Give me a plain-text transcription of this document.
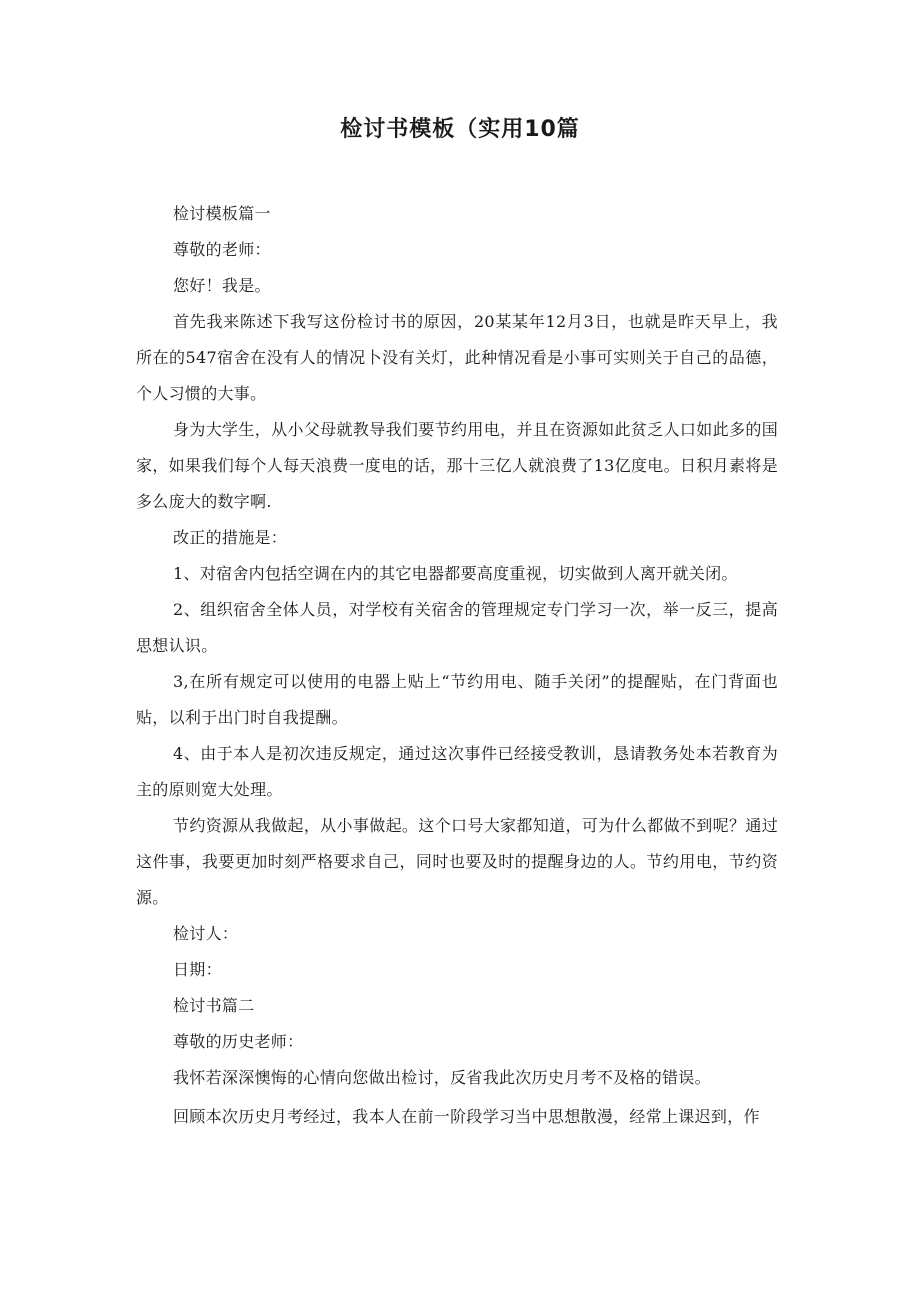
检讨书模板（实用10篇

检讨模板篇一

尊敬的老师：

您好！我是。

首先我来陈述下我写这份检讨书的原因，20某某年12月3日，也就是昨天早上，我所在的547宿舍在没有人的情况卜没有关灯，此种情况看是小事可实则关于自己的品德，个人习惯的大事。

身为大学生，从小父母就教导我们要节约用电，并且在资源如此贫乏人口如此多的国家，如果我们每个人每天浪费一度电的话，那十三亿人就浪费了13亿度电。日积月素将是多么庞大的数字啊.

改正的措施是：

1、对宿舍内包括空调在内的其它电器都要高度重视，切实做到人离开就关闭。

2、组织宿舍全体人员，对学校有关宿舍的管理规定专门学习一次，举一反三，提高思想认识。

3,在所有规定可以使用的电器上贴上“节约用电、随手关闭”的提醒贴，在门背面也贴，以利于出门时自我提酬。

4、由于本人是初次违反规定，通过这次事件已经接受教训，恳请教务处本若教育为主的原则宽大处理。

节约资源从我做起，从小事做起。这个口号大家都知道，可为什么都做不到呢？通过这件事，我要更加时刻严格要求自己，同时也要及时的提醒身边的人。节约用电，节约资源。

检讨人：

日期：

检讨书篇二

尊敬的历史老师：

我怀若深深懊悔的心情向您做出检讨，反省我此次历史月考不及格的错误。

回顾本次历史月考经过，我本人在前一阶段学习当中思想散漫，经常上课迟到，作
